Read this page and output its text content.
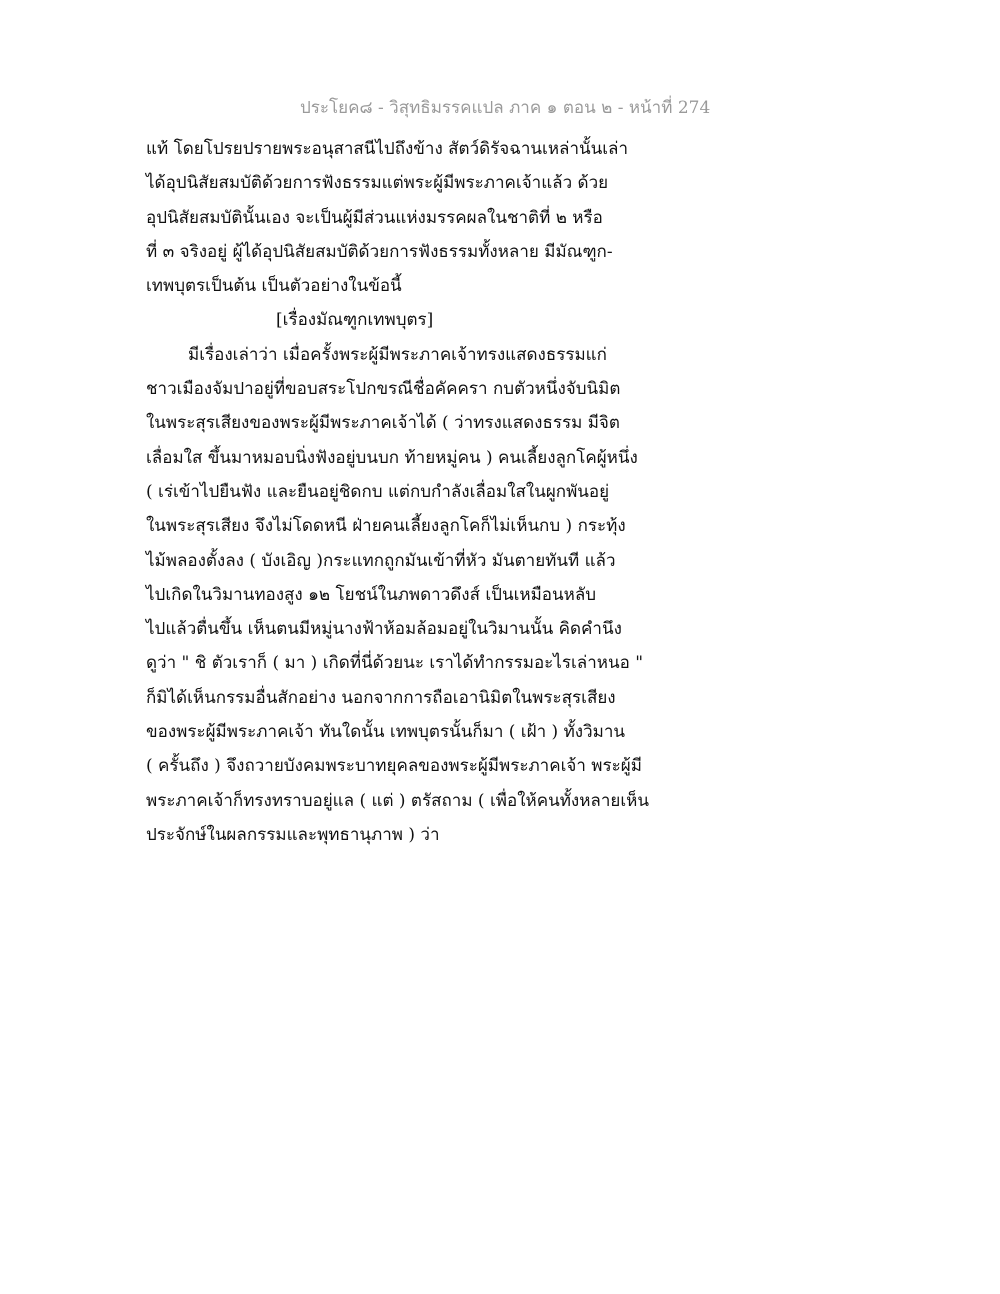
ประโยค๘ - วิสุทธิมรรคแปล ภาค ๑ ตอน ๒ - หน้าที่ 274
แท้ โดยโปรยปรายพระอนุสาสนีไปถึงข้าง สัตว์ดิรัจฉานเหล่านั้นเล่า
ได้อุปนิสัยสมบัติด้วยการฟังธรรมแต่พระผู้มีพระภาคเจ้าแล้ว ด้วย
อุปนิสัยสมบัตินั้นเอง จะเป็นผู้มีส่วนแห่งมรรคผลในชาติที่ ๒ หรือ
ที่ ๓ จริงอยู่ ผู้ได้อุปนิสัยสมบัติด้วยการฟังธรรมทั้งหลาย มีมัณฑูก-
เทพบุตรเป็นต้น เป็นตัวอย่างในข้อนี้
[เรื่องมัณฑูกเทพบุตร]
มีเรื่องเล่าว่า เมื่อครั้งพระผู้มีพระภาคเจ้าทรงแสดงธรรมแก่
ชาวเมืองจัมปาอยู่ที่ขอบสระโปกขรณีชื่อคัคครา กบตัวหนึ่งจับนิมิต
ในพระสุรเสียงของพระผู้มีพระภาคเจ้าได้ ( ว่าทรงแสดงธรรม มีจิต
เลื่อมใส ขึ้นมาหมอบนิ่งฟังอยู่บนบก ท้ายหมู่คน ) คนเลี้ยงลูกโคผู้หนึ่ง
( เร่เข้าไปยืนฟัง และยืนอยู่ชิดกบ แต่กบกำลังเลื่อมใสในผูกพันอยู่
ในพระสุรเสียง จึงไม่โดดหนี ฝ่ายคนเลี้ยงลูกโคก็ไม่เห็นกบ ) กระทุ้ง
ไม้พลองตั้งลง ( บังเอิญ )กระแทกถูกมันเข้าที่หัว มันตายทันที แล้ว
ไปเกิดในวิมานทองสูง ๑๒ โยชน์ในภพดาวดึงส์ เป็นเหมือนหลับ
ไปแล้วตื่นขึ้น เห็นตนมีหมู่นางฟ้าห้อมล้อมอยู่ในวิมานนั้น คิดคำนึง
ดูว่า " ชิ ตัวเราก็ ( มา ) เกิดที่นี่ด้วยนะ เราได้ทำกรรมอะไรเล่าหนอ "
ก็มิได้เห็นกรรมอื่นสักอย่าง นอกจากการถือเอานิมิตในพระสุรเสียง
ของพระผู้มีพระภาคเจ้า ทันใดนั้น เทพบุตรนั้นก็มา ( เฝ้า ) ทั้งวิมาน
( ครั้นถึง ) จึงถวายบังคมพระบาทยุคลของพระผู้มีพระภาคเจ้า พระผู้มี
พระภาคเจ้าก็ทรงทราบอยู่แล ( แต่ ) ตรัสถาม ( เพื่อให้คนทั้งหลายเห็น
ประจักษ์ในผลกรรมและพุทธานุภาพ ) ว่า
